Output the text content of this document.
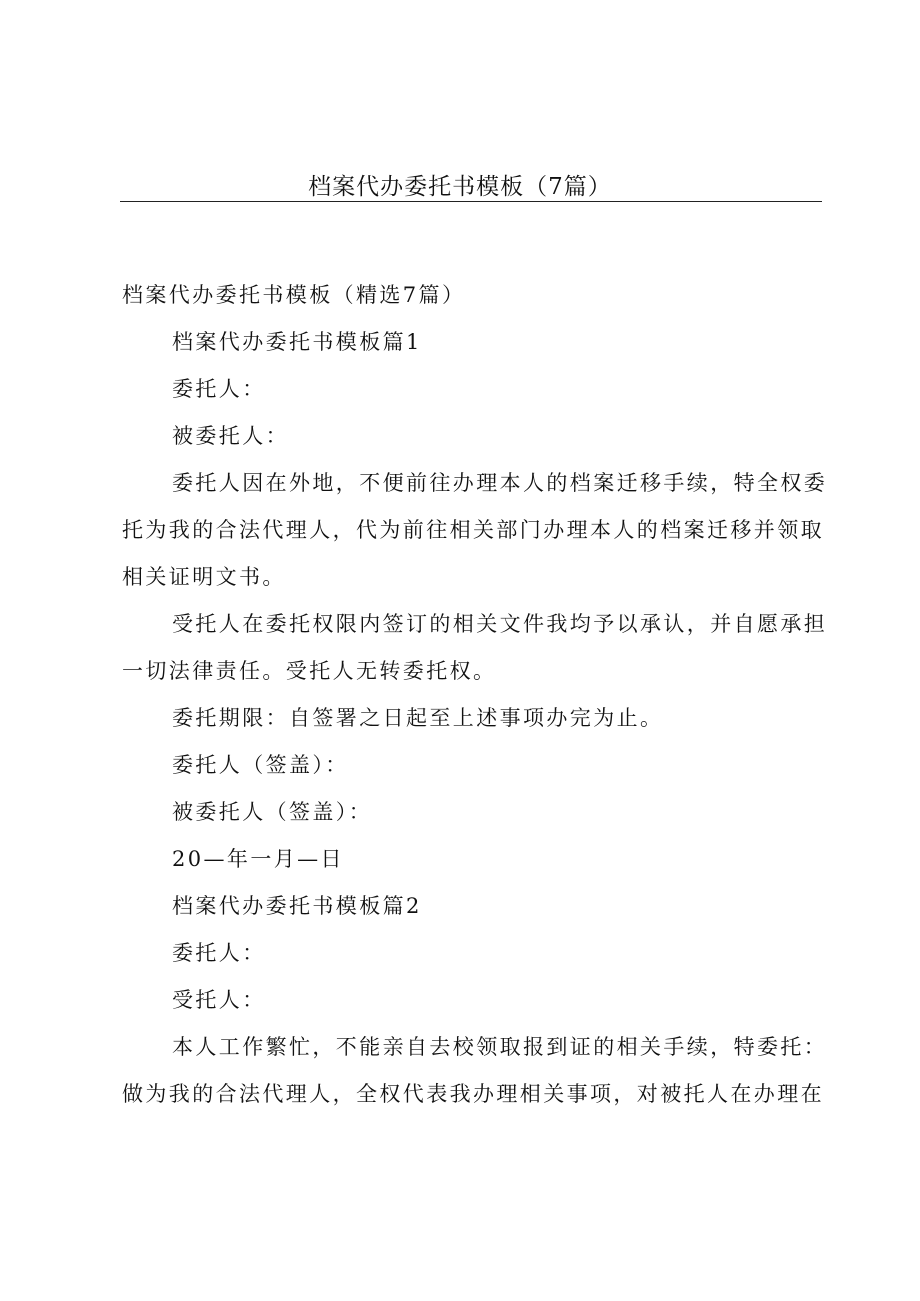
档案代办委托书模板（7篇）
档案代办委托书模板（精选7篇）
档案代办委托书模板篇1
委托人：
被委托人：
委托人因在外地，不便前往办理本人的档案迁移手续，特全权委
托为我的合法代理人，代为前往相关部门办理本人的档案迁移并领取
相关证明文书。
受托人在委托权限内签订的相关文件我均予以承认，并自愿承担
一切法律责任。受托人无转委托权。
委托期限：自签署之日起至上述事项办完为止。
委托人（签盖）：
被委托人（签盖）：
20—年一月—日
档案代办委托书模板篇2
委托人：
受托人：
本人工作繁忙，不能亲自去校领取报到证的相关手续，特委托：
做为我的合法代理人，全权代表我办理相关事项，对被托人在办理在
